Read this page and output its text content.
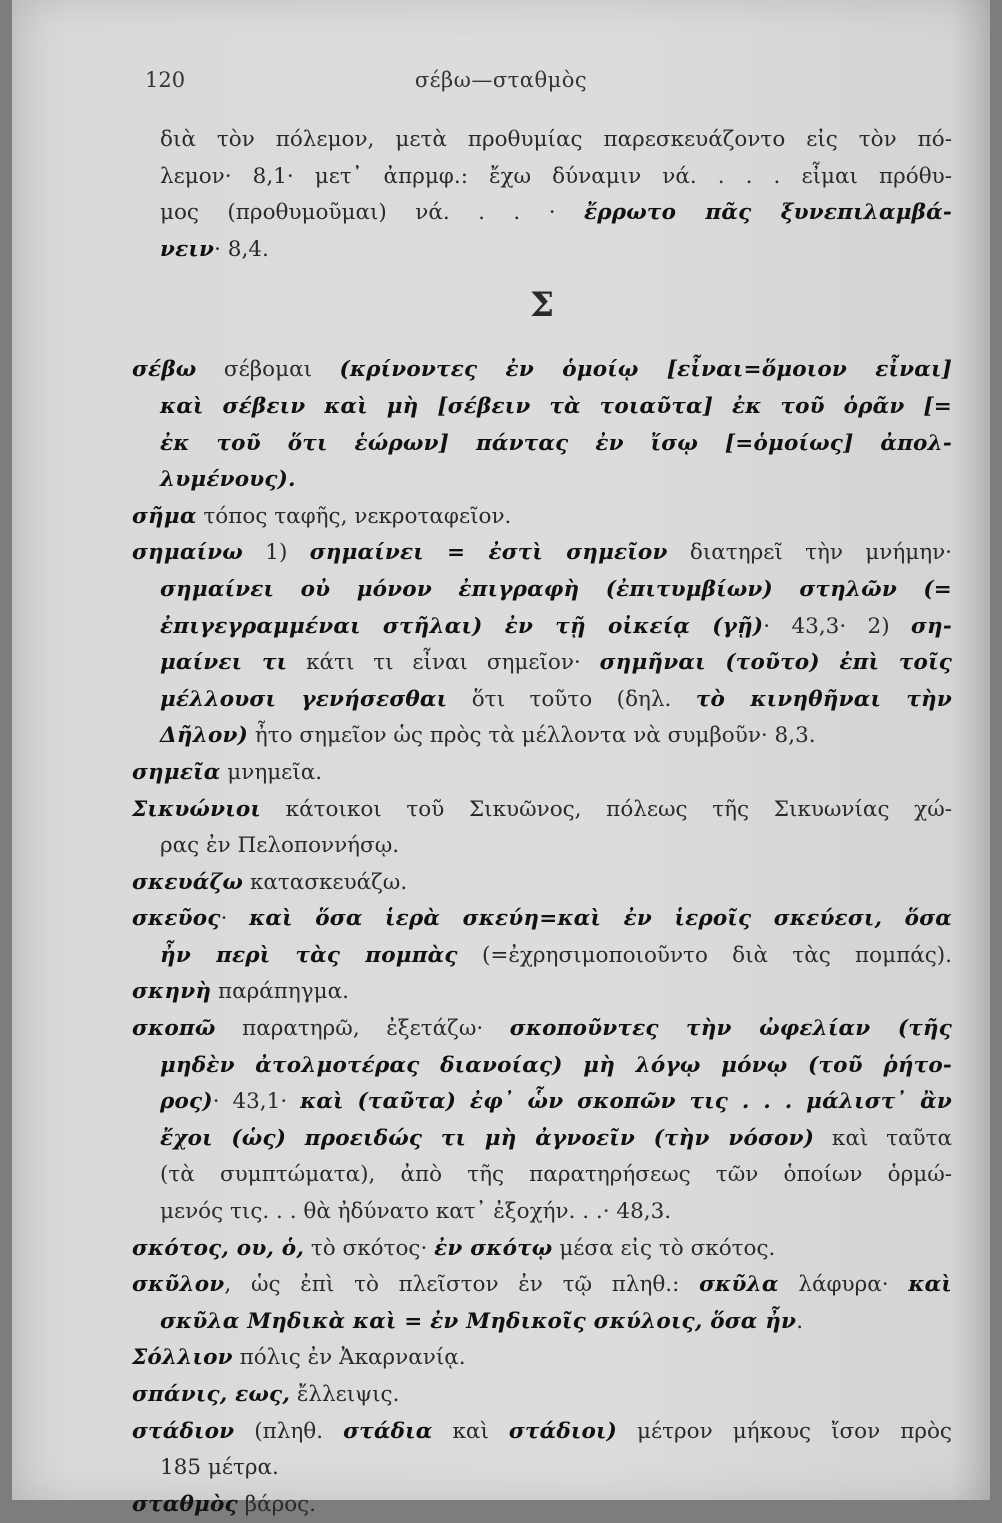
120	σέβω—σταθμὸς
διὰ τὸν πόλεμον, μετὰ προθυμίας παρεσκευάζοντο εἰς τὸν πό-
λεμον· 8,1· μετ᾽ ἀπρμφ.: ἔχω δύναμιν νά. . . . εἶμαι πρόθυ-
μος (προθυμοῦμαι) νά. . . · ἔρρωτο πᾶς ξυνεπιλαμβά-
νειν· 8,4.
Σ
σέβω σέβομαι (κρίνοντες ἐν ὁμοίῳ [εἶναι=ὅμοιον εἶναι]
καὶ σέβειν καὶ μὴ [σέβειν τὰ τοιαῦτα] ἐκ τοῦ ὁρᾶν [=
ἐκ τοῦ ὅτι ἑώρων] πάντας ἐν ἴσῳ [=ὁμοίως] ἀπολ-
λυμένους).
σῆμα τόπος ταφῆς, νεκροταφεῖον.
σημαίνω 1) σημαίνει = ἐστὶ σημεῖον διατηρεῖ τὴν μνήμην·
σημαίνει οὐ μόνον ἐπιγραφὴ (ἐπιτυμβίων) στηλῶν (=
ἐπιγεγραμμέναι στῆλαι) ἐν τῇ οἰκείᾳ (γῇ)· 43,3· 2) ση-
μαίνει τι κάτι τι εἶναι σημεῖον· σημῆναι (τοῦτο) ἐπὶ τοῖς
μέλλουσι γενήσεσθαι ὅτι τοῦτο (δηλ. τὸ κινηθῆναι τὴν
Δῆλον) ἦτο σημεῖον ὡς πρὸς τὰ μέλλοντα νὰ συμβοῦν· 8,3.
σημεῖα μνημεῖα.
Σικυώνιοι κάτοικοι τοῦ Σικυῶνος, πόλεως τῆς Σικυωνίας χώ-
ρας ἐν Πελοποννήσῳ.
σκευάζω κατασκευάζω.
σκεῦος· καὶ ὅσα ἱερὰ σκεύη=καὶ ἐν ἱεροῖς σκεύεσι, ὅσα
ἦν περὶ τὰς πομπὰς (=ἐχρησιμοποιοῦντο διὰ τὰς πομπάς).
σκηνὴ παράπηγμα.
σκοπῶ παρατηρῶ, ἐξετάζω· σκοποῦντες τὴν ὠφελίαν (τῆς
μηδὲν ἀτολμοτέρας διανοίας) μὴ λόγῳ μόνῳ (τοῦ ῥήτο-
ρος)· 43,1· καὶ (ταῦτα) ἐφ᾽ ὧν σκοπῶν τις . . . μάλιστ᾽ ἂν
ἔχοι (ὡς) προειδώς τι μὴ ἀγνοεῖν (τὴν νόσον) καὶ ταῦτα
(τὰ συμπτώματα), ἀπὸ τῆς παρατηρήσεως τῶν ὁποίων ὁρμώ-
μενός τις. . . θὰ ἠδύνατο κατ᾽ ἐξοχήν. . .· 48,3.
σκότος, ου, ὁ, τὸ σκότος· ἐν σκότῳ μέσα εἰς τὸ σκότος.
σκῦλον, ὡς ἐπὶ τὸ πλεῖστον ἐν τῷ πληθ.: σκῦλα λάφυρα· καὶ
σκῦλα Μηδικὰ καὶ = ἐν Μηδικοῖς σκύλοις, ὅσα ἦν.
Σόλλιον πόλις ἐν Ἀκαρνανίᾳ.
σπάνις, εως, ἔλλειψις.
στάδιον (πληθ. στάδια καὶ στάδιοι) μέτρον μήκους ἴσον πρὸς
185 μέτρα.
σταθμὸς βάρος.
